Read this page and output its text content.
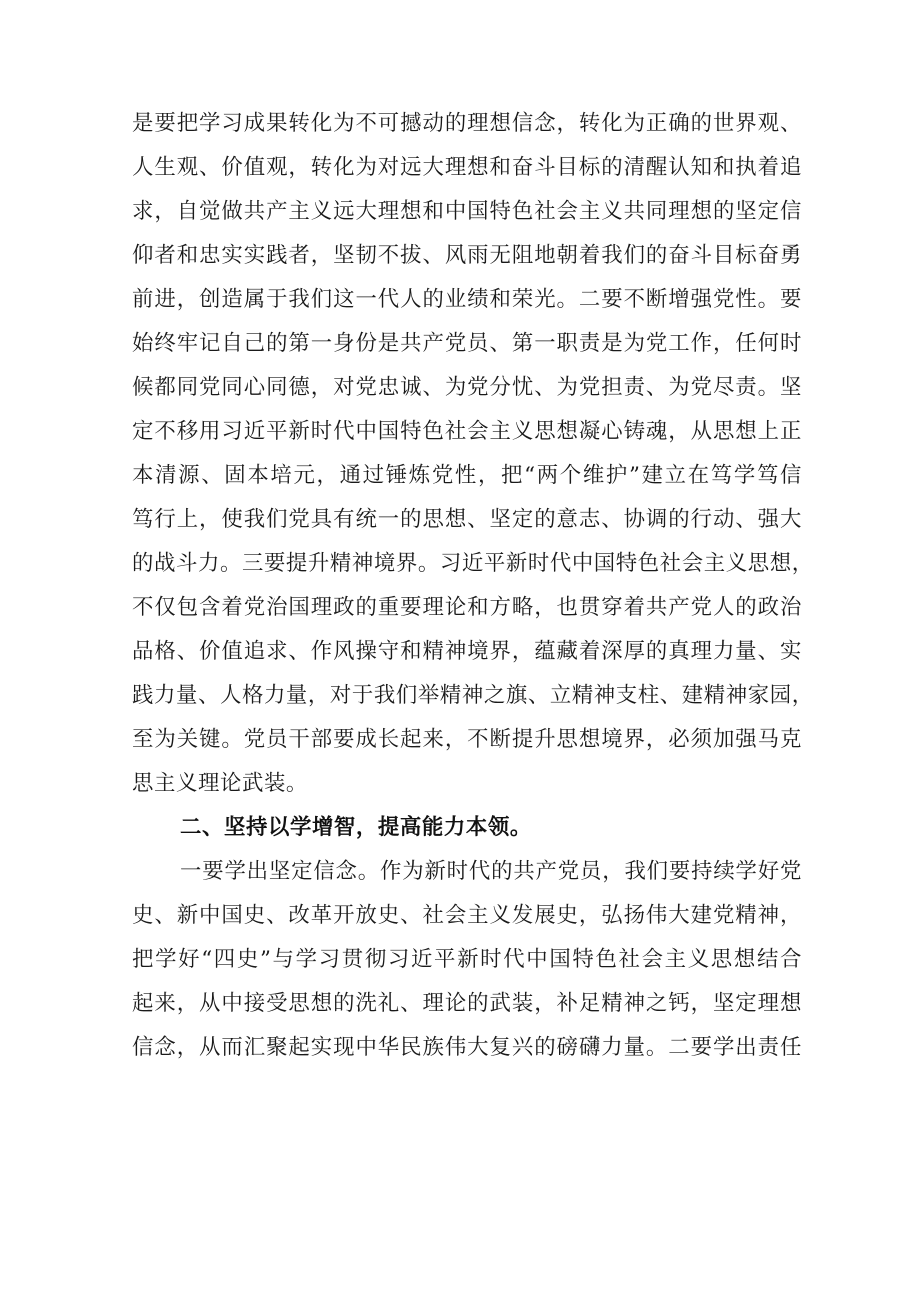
是要把学习成果转化为不可撼动的理想信念，转化为正确的世界观、
人生观、价值观，转化为对远大理想和奋斗目标的清醒认知和执着追
求，自觉做共产主义远大理想和中国特色社会主义共同理想的坚定信
仰者和忠实实践者，坚韧不拔、风雨无阻地朝着我们的奋斗目标奋勇
前进，创造属于我们这一代人的业绩和荣光。二要不断增强党性。要
始终牢记自己的第一身份是共产党员、第一职责是为党工作，任何时
候都同党同心同德，对党忠诚、为党分忧、为党担责、为党尽责。坚
定不移用习近平新时代中国特色社会主义思想凝心铸魂，从思想上正
本清源、固本培元，通过锤炼党性，把“两个维护”建立在笃学笃信
笃行上，使我们党具有统一的思想、坚定的意志、协调的行动、强大
的战斗力。三要提升精神境界。习近平新时代中国特色社会主义思想，
不仅包含着党治国理政的重要理论和方略，也贯穿着共产党人的政治
品格、价值追求、作风操守和精神境界，蕴藏着深厚的真理力量、实
践力量、人格力量，对于我们举精神之旗、立精神支柱、建精神家园，
至为关键。党员干部要成长起来，不断提升思想境界，必须加强马克
思主义理论武装。
二、坚持以学增智，提高能力本领。
一要学出坚定信念。作为新时代的共产党员，我们要持续学好党
史、新中国史、改革开放史、社会主义发展史，弘扬伟大建党精神，
把学好“四史”与学习贯彻习近平新时代中国特色社会主义思想结合
起来，从中接受思想的洗礼、理论的武装，补足精神之钙，坚定理想
信念，从而汇聚起实现中华民族伟大复兴的磅礴力量。二要学出责任
